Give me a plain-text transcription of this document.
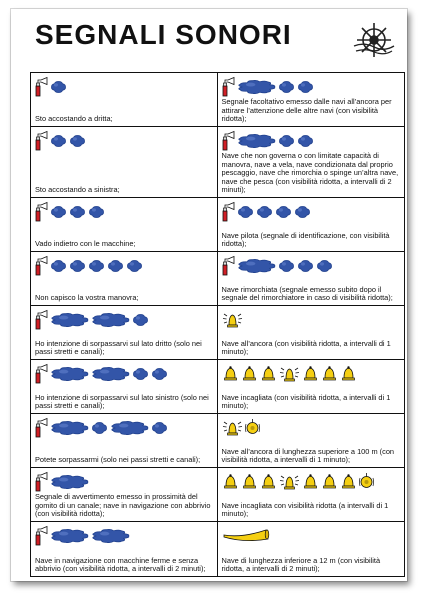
SEGNALI SONORI
Sto accostando a dritta;
Segnale facoltativo emesso dalle navi all’ancora per attirare l’attenzione delle altre navi (con visibilità ridotta);
Sto accostando a sinistra;
Nave che non governa o con limitate capacità di manovra, nave a vela, nave condizionata dal proprio pescaggio, nave che rimorchia o spinge un’altra nave, nave che pesca (con visibilità ridotta, a intervalli di 2 minuti);
Vado indietro con le macchine;
Nave pilota (segnale di identificazione, con visibilità ridotta);
Non capisco la vostra manovra;
Nave rimorchiata (segnale emesso subito dopo il segnale del rimorchiatore in caso di visibilità ridotta);
Ho intenzione di sorpassarvi sul lato dritto (solo nei passi stretti e canali);
Nave all’ancora (con visibilità ridotta, a intervalli di 1 minuto);
Ho intenzione di sorpassarvi sul lato sinistro (solo nei passi stretti e canali);
Nave incagliata (con visibilità ridotta, a intervalli di 1 minuto);
Potete sorpassarmi (solo nei passi stretti e canali);
Nave all’ancora di lunghezza superiore a 100 m (con visibilità ridotta, a intervalli di 1 minuto);
Segnale di avvertimento emesso in prossimità del gomito di un canale; nave in navigazione con abbrivio (con visibilità ridotta);
Nave incagliata con visibilità ridotta (a intervalli di 1 minuto);
Nave in navigazione con macchine ferme e senza abbrivio (con visibilità ridotta, a intervalli di 2 minuti);
Nave di lunghezza inferiore a 12 m (con visibilità ridotta, a intervalli di 2 minuti);
